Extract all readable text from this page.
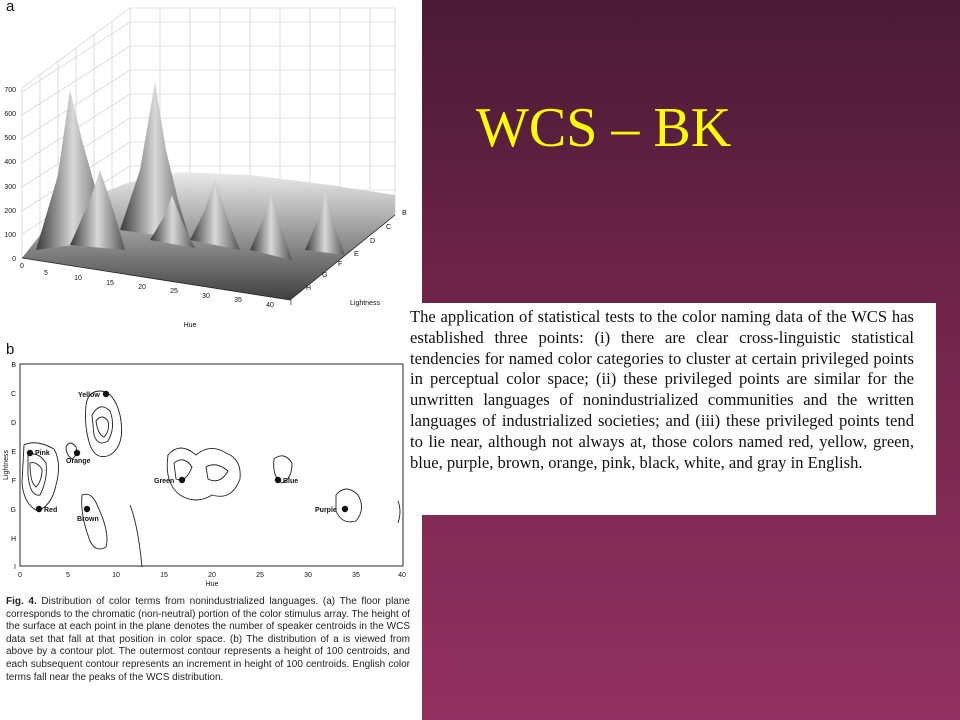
a
0
100
200
300
400
500
600
700
0
5
10
15
20
25
30
35
40
Hue
B
C
D
E
F
G
H
I	Lightness
b
Yellow
Pink
Orange
Red
Brown
Green	Blue
Purple
B
C
D
E
F
G
H
I
Lightness
0	5	10	15	20	25	30	35	40
Hue

Fig. 4. Distribution of color terms from nonindustrialized languages. (a) The floor plane corresponds to the chromatic (non-neutral) portion of the color stimulus array. The height of the surface at each point in the plane denotes the number of speaker centroids in the WCS data set that fall at that position in color space. (b) The distribution of a is viewed from above by a contour plot. The outermost contour represents a height of 100 centroids, and each subsequent contour represents an increment in height of 100 centroids. English color terms fall near the peaks of the WCS distribution.

WCS – BK

The application of statistical tests to the color naming data of the WCS has established three points: (i) there are clear cross-linguistic statistical tendencies for named color categories to cluster at certain privileged points in perceptual color space; (ii) these privileged points are similar for the unwritten languages of nonindustrialized communities and the written languages of industrialized societies; and (iii) these privileged points tend to lie near, although not always at, those colors named red, yellow, green, blue, purple, brown, orange, pink, black, white, and gray in English.
